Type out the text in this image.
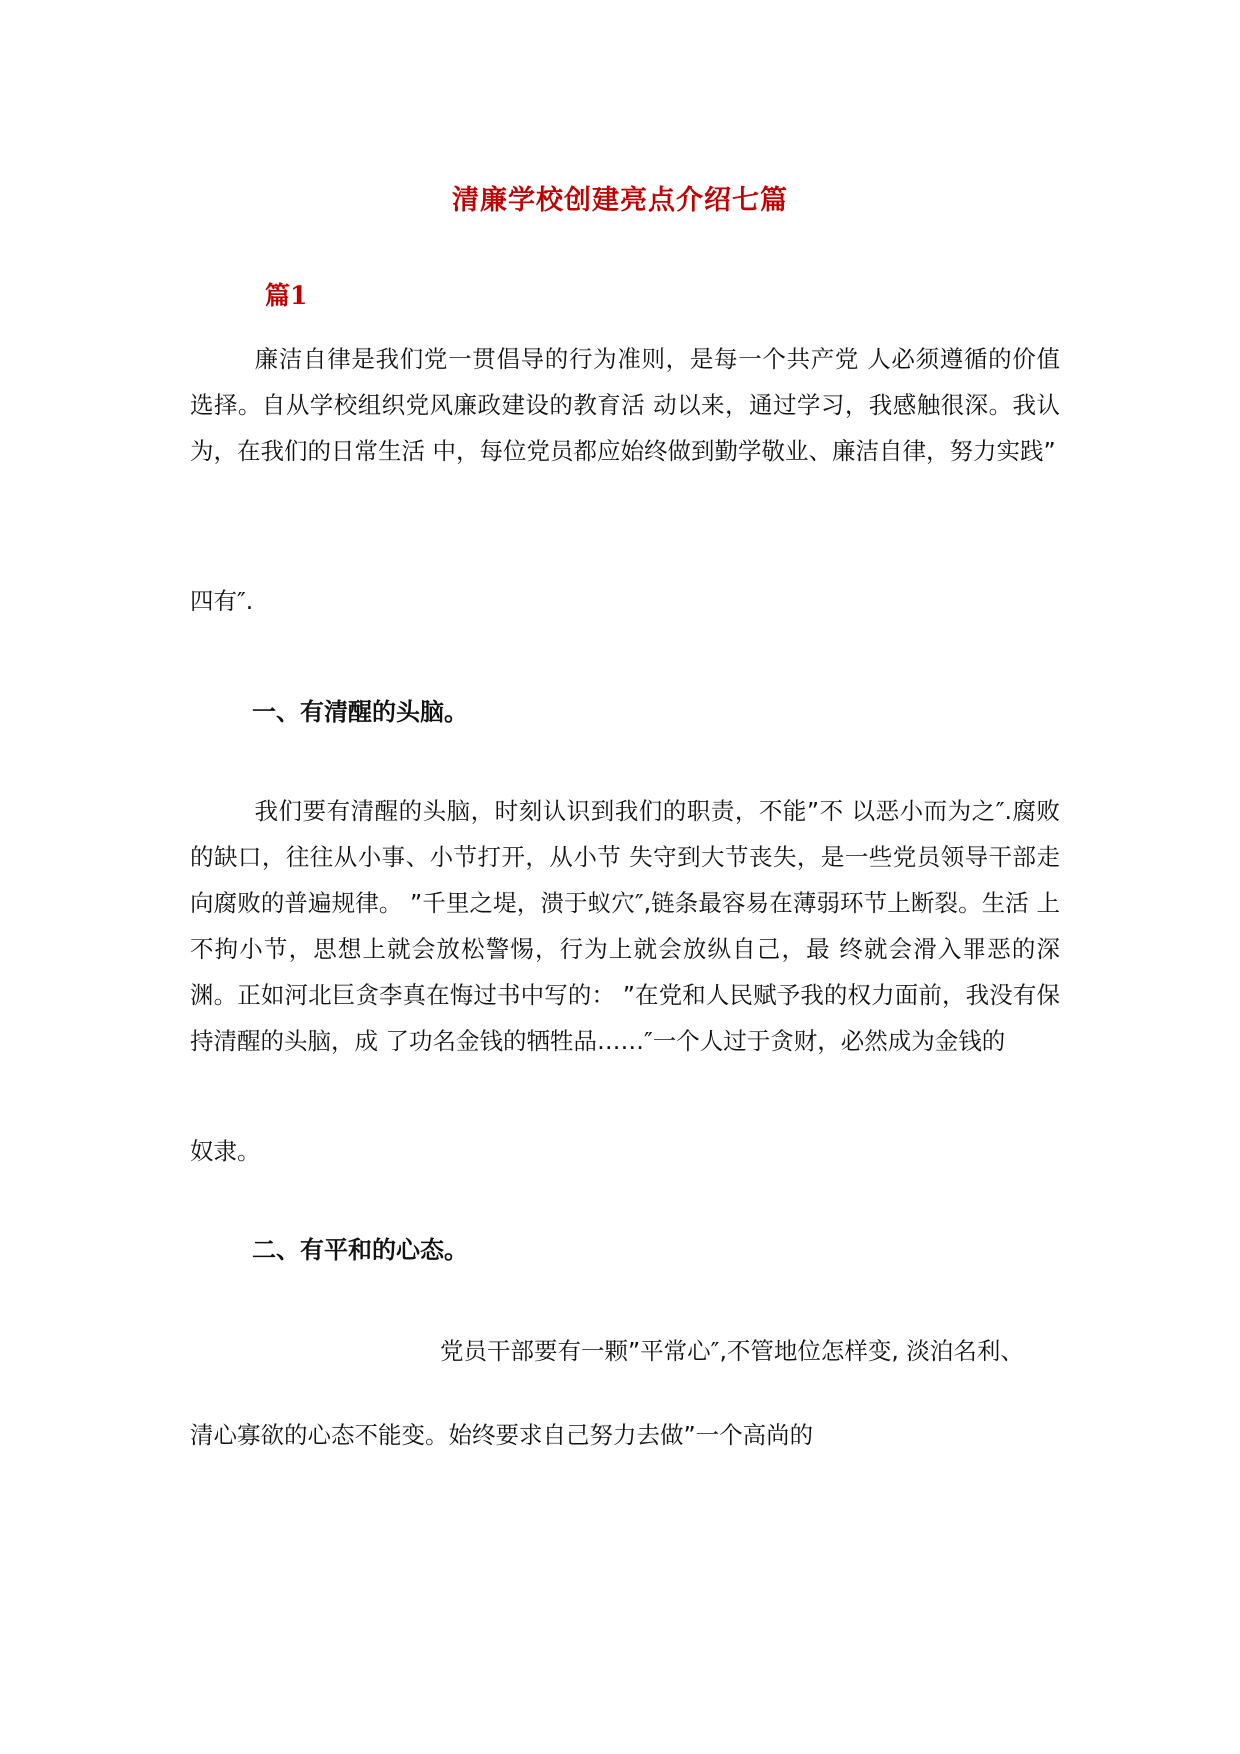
清廉学校创建亮点介绍七篇
篇1
廉洁自律是我们党一贯倡导的行为准则，是每一个共产党 人必须遵循的价值选择。自从学校组织党风廉政建设的教育活 动以来，通过学习，我感触很深。我认为，在我们的日常生活 中，每位党员都应始终做到勤学敬业、廉洁自律，努力实践”
四有″.
一、有清醒的头脑。
我们要有清醒的头脑，时刻认识到我们的职责，不能”不 以恶小而为之″.腐败的缺口，往往从小事、小节打开，从小节 失守到大节丧失，是一些党员领导干部走向腐败的普遍规律。 ”千里之堤，溃于蚁穴″,链条最容易在薄弱环节上断裂。生活 上不拘小节，思想上就会放松警惕，行为上就会放纵自己，最 终就会滑入罪恶的深渊。正如河北巨贪李真在悔过书中写的： ”在党和人民赋予我的权力面前，我没有保持清醒的头脑，成 了功名金钱的牺牲品……″一个人过于贪财，必然成为金钱的
奴隶。
二、有平和的心态。
党员干部要有一颗”平常心″,不管地位怎样变, 淡泊名利、
清心寡欲的心态不能变。始终要求自己努力去做”一个高尚的
